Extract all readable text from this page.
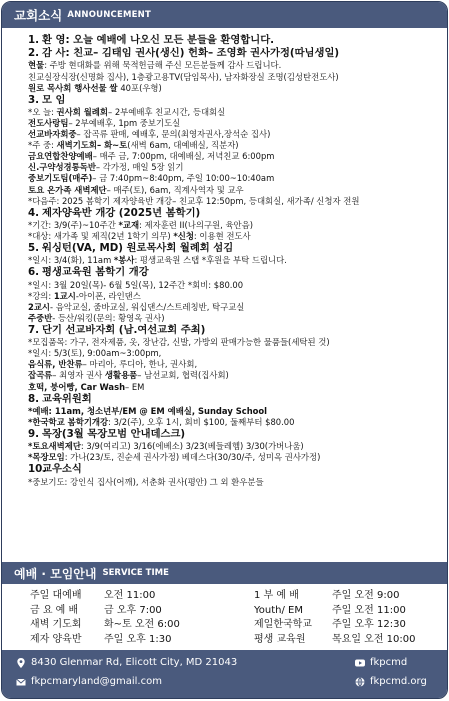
교회소식 ANNOUNCEMENT
1. 환 영: 오늘 예배에 나오신 모든 분들을 환영합니다.
2. 감 사: 친교– 김태임 권사(생신) 헌화– 조영화 권사가정(따님생일)
현물: 주방 현대화를 위해 묵적헌금해 주신 모든분들께 감사 드립니다.
친교실장식장(신명화 집사), 1층광고용TV(담임목사), 남자화장실 조명(김성탄전도사)
원로 목사회 행사선물 쌀 40포(우형)
3. 모 임
*오 늘: 권사회 월례회– 2부예배후 친교시간, 등대회실
전도사랑팀– 2부예배후, 1pm 중보기도실
선교바자회중– 잡곡류 판매, 예배후, 문의(최영자권사,장석순 집사)
*주 중: 새벽기도회– 화~토(새벽 6am, 대예배실, 직분자)
금요연합찬양예배– 매주 금, 7:00pm, 대예배실, 저녁친교 6:00pm
신.구약성경통독반– 각가정, 매일 5장 읽기
중보기도팀(매주)– 금 7:40pm~8:40pm, 주일 10:00~10:40am
토요 온가족 새벽제단– 매주(토), 6am, 직계사역자 및 교우
*다음주: 2025 봄학기 제자양육반 개강– 친교후 12:50pm, 등대회실, 새가족/ 신청자 전원
4. 제자양육반 개강 (2025년 봄학기)
*기간: 3/9(주)~10주간 *교재: 제자훈련 II(나의구원, 육안음)
*대상: 새가족 및 제직(2년 1학기 의무) *신청: 이용현 전도사
5. 워싱턴(VA, MD) 원로목사회 월례회 섬김
*일시: 3/4(화), 11am *봉사: 평생교육원 스탭 *후원을 부탁 드립니다.
6. 평생교육원 봄학기 개강
*일시: 3월 20일(목)- 6월 5일(목), 12주간 *회비: $80.00
*강의: 1교시-아이폰, 라인댄스
2교시- 음악교실, 줌바교실, 워십댄스/스트레칭반, 탁구교실
주중반- 등산/워킹(문의: 황영옥 권사)
7. 단기 선교바자회 (남.여선교회 주최)
*모집품목: 가구, 전자제품, 옷, 장난감, 신발, 가방외 판매가능한 물품들(세탁된 것)
*일시: 5/3(토), 9:00am~3:00pm,
음식류, 반찬류– 마리아, 루디아, 한나, 권사회,
잡곡류– 최영자 권사 생활용품– 남선교회, 협력(집사회)
호떡, 붕어빵, Car Wash– EM
8. 교육위원회
*예배: 11am, 청소년부/EM @ EM 예배실, Sunday School
*한국학교 봄학기개강: 3/2(주), 오후 1시, 회비 $100, 둘째부터 $80.00
9. 목장(3월 목장모범 안내데스크)
*토요새벽제단: 3/9(여리고) 3/16(에베소) 3/23(베들레헴) 3/30(가버나움)
*목장모임: 가나(23/토, 진순세 권사가정) 베데스다(30/30/주, 성미옥 권사가정)
10.교우소식
*중보기도: 강인식 집사(어깨), 서춘화 권사(평안) 그 외 환우분들
예배 · 모임안내 SERVICE TIME
주일 대예배	오전 11:00	1 부 예 배	주일 오전 9:00
금 요 예 배	금 오후 7:00	Youth/ EM	주일 오전 11:00
새벽 기도회	화~토 오전 6:00	제일한국학교	주일 오후 12:30
제자 양육반	주일 오후 1:30	평생 교육원	목요일 오전 10:00
8430 Glenmar Rd, Elicott City, MD 21043
fkpcmaryland@gmail.com
fkpcmd
fkpcmd.org
